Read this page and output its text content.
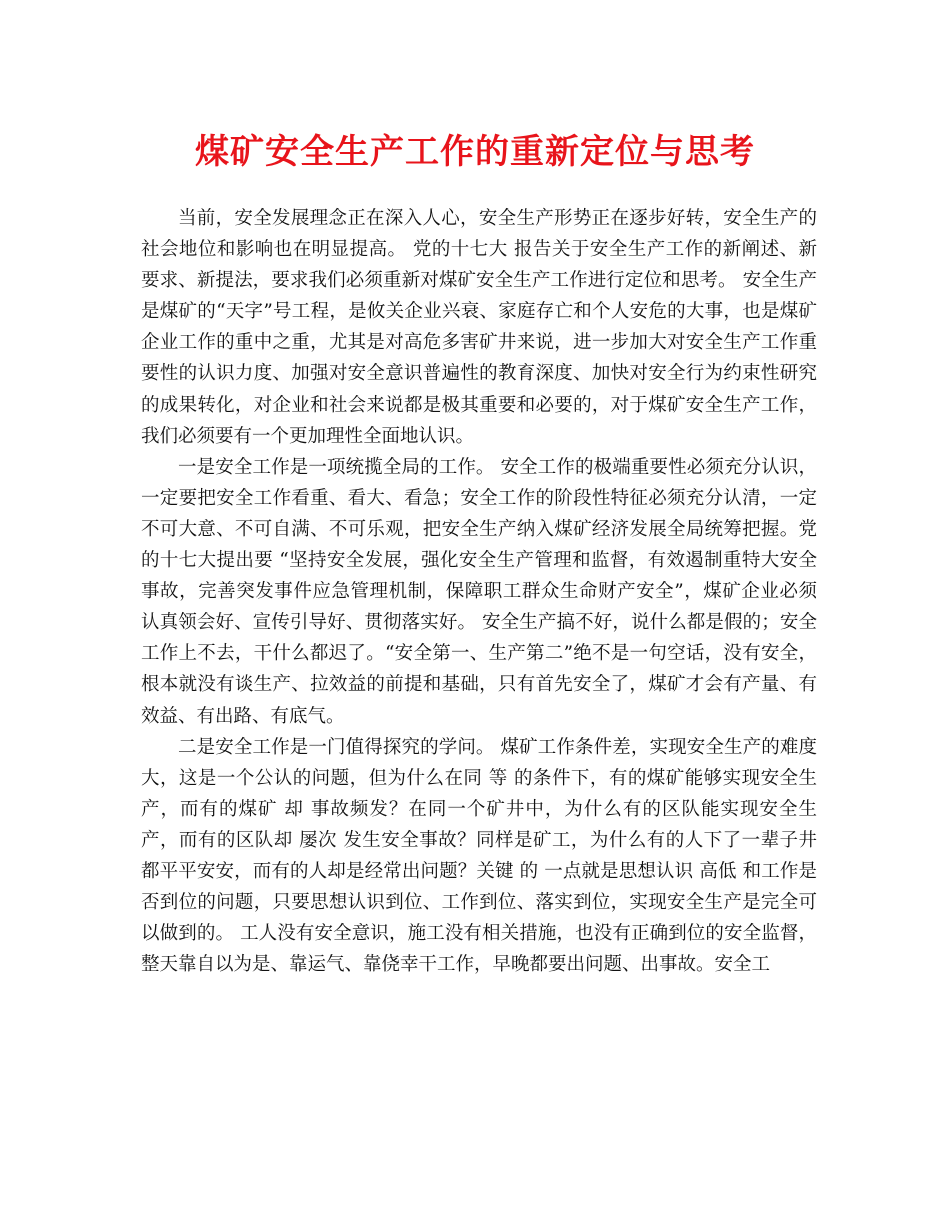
煤矿安全生产工作的重新定位与思考

当前，安全发展理念正在深入人心，安全生产形势正在逐步好转，安全生产的社会地位和影响也在明显提高。 党的十七大 报告关于安全生产工作的新阐述、新要求、新提法，要求我们必须重新对煤矿安全生产工作进行定位和思考。 安全生产是煤矿的“天字”号工程，是攸关企业兴衰、家庭存亡和个人安危的大事，也是煤矿企业工作的重中之重，尤其是对高危多害矿井来说，进一步加大对安全生产工作重要性的认识力度、加强对安全意识普遍性的教育深度、加快对安全行为约束性研究的成果转化，对企业和社会来说都是极其重要和必要的，对于煤矿安全生产工作，我们必须要有一个更加理性全面地认识。

一是安全工作是一项统揽全局的工作。 安全工作的极端重要性必须充分认识，一定要把安全工作看重、看大、看急；安全工作的阶段性特征必须充分认清，一定不可大意、不可自满、不可乐观，把安全生产纳入煤矿经济发展全局统筹把握。党的十七大提出要 “坚持安全发展，强化安全生产管理和监督，有效遏制重特大安全事故，完善突发事件应急管理机制，保障职工群众生命财产安全”，煤矿企业必须 认真领会好、宣传引导好、贯彻落实好。 安全生产搞不好，说什么都是假的；安全工作上不去，干什么都迟了。“安全第一、生产第二”绝不是一句空话，没有安全，根本就没有谈生产、拉效益的前提和基础，只有首先安全了，煤矿才会有产量、有效益、有出路、有底气。

二是安全工作是一门值得探究的学问。 煤矿工作条件差，实现安全生产的难度大，这是一个公认的问题，但为什么在同 等 的条件下，有的煤矿能够实现安全生产，而有的煤矿 却 事故频发？在同一个矿井中，为什么有的区队能实现安全生产，而有的区队却 屡次 发生安全事故？同样是矿工，为什么有的人下了一辈子井都平平安安，而有的人却是经常出问题？关键 的 一点就是思想认识 高低 和工作是否到位的问题，只要思想认识到位、工作到位、落实到位，实现安全生产是完全可以做到的。 工人没有安全意识，施工没有相关措施，也没有正确到位的安全监督，整天靠自以为是、靠运气、靠侥幸干工作，早晚都要出问题、出事故。安全工
